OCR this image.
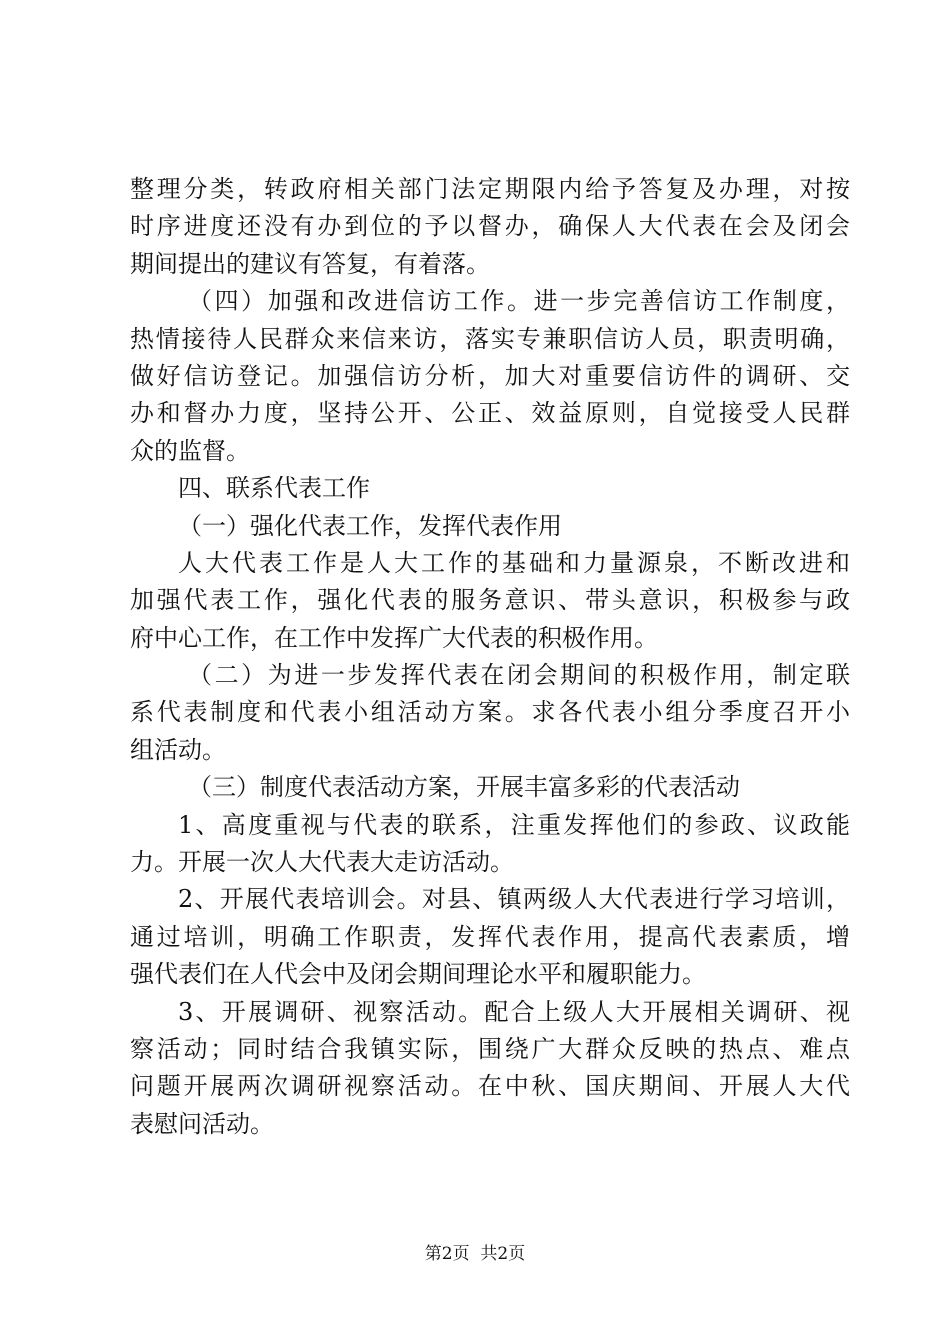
整理分类，转政府相关部门法定期限内给予答复及办理，对按
时序进度还没有办到位的予以督办，确保人大代表在会及闭会
期间提出的建议有答复，有着落。
（四）加强和改进信访工作。进一步完善信访工作制度，
热情接待人民群众来信来访，落实专兼职信访人员，职责明确，
做好信访登记。加强信访分析，加大对重要信访件的调研、交
办和督办力度，坚持公开、公正、效益原则，自觉接受人民群
众的监督。
四、联系代表工作
（一）强化代表工作，发挥代表作用
人大代表工作是人大工作的基础和力量源泉，不断改进和
加强代表工作，强化代表的服务意识、带头意识，积极参与政
府中心工作，在工作中发挥广大代表的积极作用。
（二）为进一步发挥代表在闭会期间的积极作用，制定联
系代表制度和代表小组活动方案。求各代表小组分季度召开小
组活动。
（三）制度代表活动方案，开展丰富多彩的代表活动
1、高度重视与代表的联系，注重发挥他们的参政、议政能
力。开展一次人大代表大走访活动。
2、开展代表培训会。对县、镇两级人大代表进行学习培训，
通过培训，明确工作职责，发挥代表作用，提高代表素质，增
强代表们在人代会中及闭会期间理论水平和履职能力。
3、开展调研、视察活动。配合上级人大开展相关调研、视
察活动；同时结合我镇实际，围绕广大群众反映的热点、难点
问题开展两次调研视察活动。在中秋、国庆期间、开展人大代
表慰问活动。
第2页 共2页
